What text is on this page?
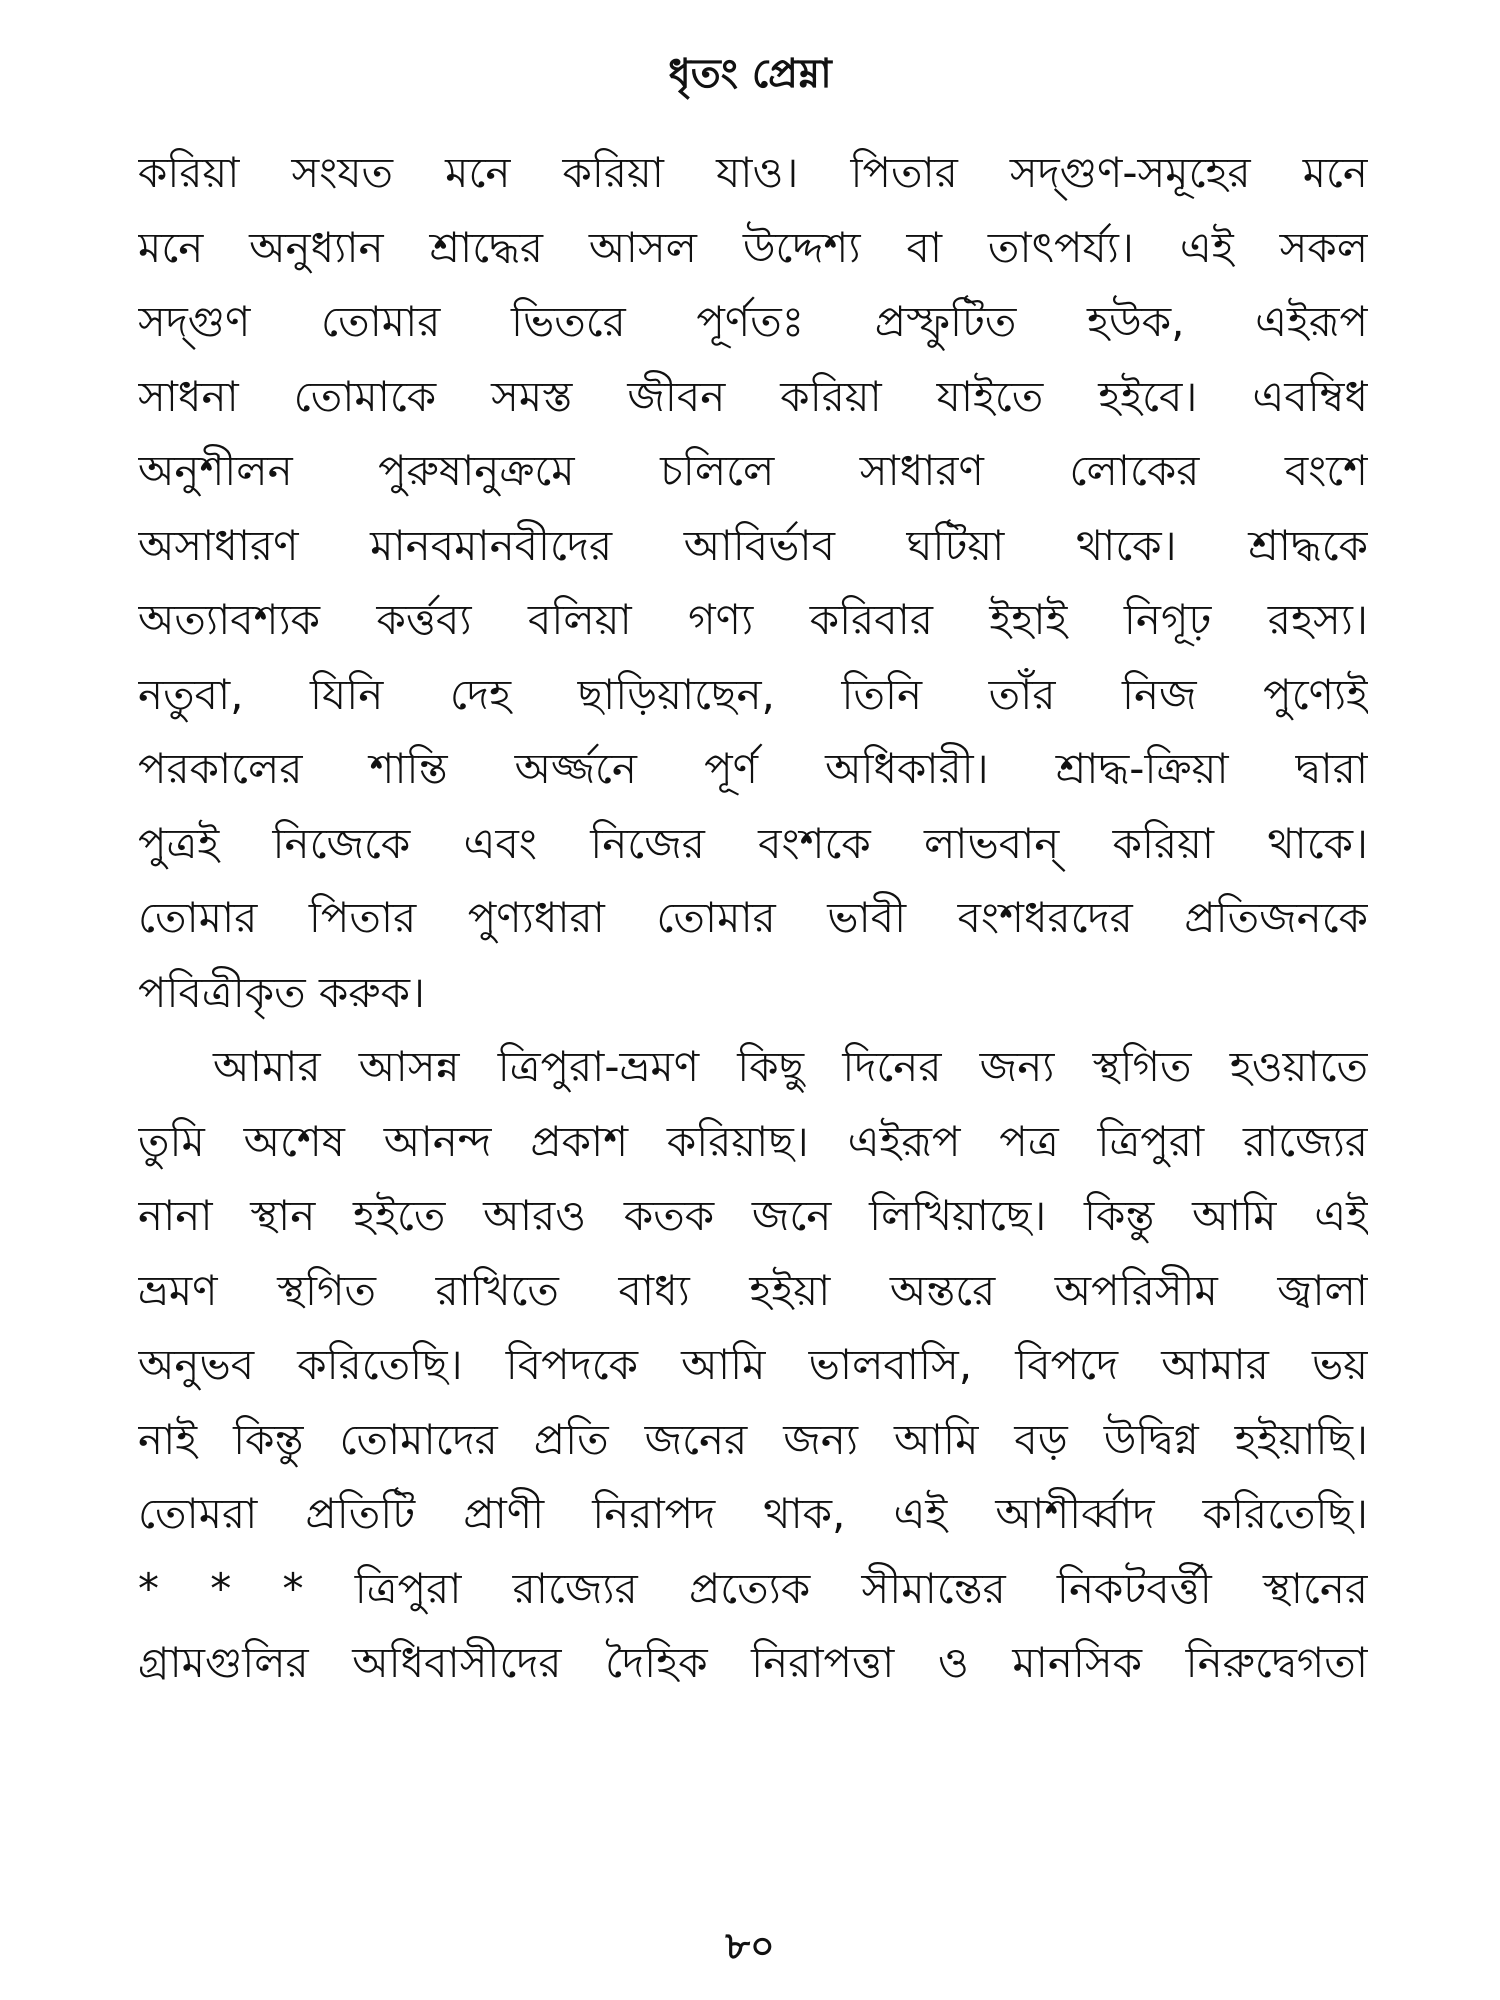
ধৃতং প্রেম্না
করিয়া সংযত মনে করিয়া যাও। পিতার সদ্‌গুণ-সমূহের মনে
মনে অনুধ্যান শ্রাদ্ধের আসল উদ্দেশ্য বা তাৎপর্য্য। এই সকল
সদ্‌গুণ তোমার ভিতরে পূর্ণতঃ প্রস্ফুটিত হউক, এইরূপ
সাধনা তোমাকে সমস্ত জীবন করিয়া যাইতে হইবে। এবম্বিধ
অনুশীলন পুরুষানুক্রমে চলিলে সাধারণ লোকের বংশে
অসাধারণ মানবমানবীদের আবির্ভাব ঘটিয়া থাকে। শ্রাদ্ধকে
অত্যাবশ্যক কর্ত্তব্য বলিয়া গণ্য করিবার ইহাই নিগূঢ় রহস্য।
নতুবা, যিনি দেহ ছাড়িয়াছেন, তিনি তাঁর নিজ পুণ্যেই
পরকালের শান্তি অর্জ্জনে পূর্ণ অধিকারী। শ্রাদ্ধ-ক্রিয়া দ্বারা
পুত্রই নিজেকে এবং নিজের বংশকে লাভবান্ করিয়া থাকে।
তোমার পিতার পুণ্যধারা তোমার ভাবী বংশধরদের প্রতিজনকে
পবিত্রীকৃত করুক।
আমার আসন্ন ত্রিপুরা-ভ্রমণ কিছু দিনের জন্য স্থগিত হওয়াতে
তুমি অশেষ আনন্দ প্রকাশ করিয়াছ। এইরূপ পত্র ত্রিপুরা রাজ্যের
নানা স্থান হইতে আরও কতক জনে লিখিয়াছে। কিন্তু আমি এই
ভ্রমণ স্থগিত রাখিতে বাধ্য হইয়া অন্তরে অপরিসীম জ্বালা
অনুভব করিতেছি। বিপদকে আমি ভালবাসি, বিপদে আমার ভয়
নাই কিন্তু তোমাদের প্রতি জনের জন্য আমি বড় উদ্বিগ্ন হইয়াছি।
তোমরা প্রতিটি প্রাণী নিরাপদ থাক, এই আশীর্ব্বাদ করিতেছি।
* * * ত্রিপুরা রাজ্যের প্রত্যেক সীমান্তের নিকটবর্ত্তী স্থানের
গ্রামগুলির অধিবাসীদের দৈহিক নিরাপত্তা ও মানসিক নিরুদ্বেগতা
৮০
